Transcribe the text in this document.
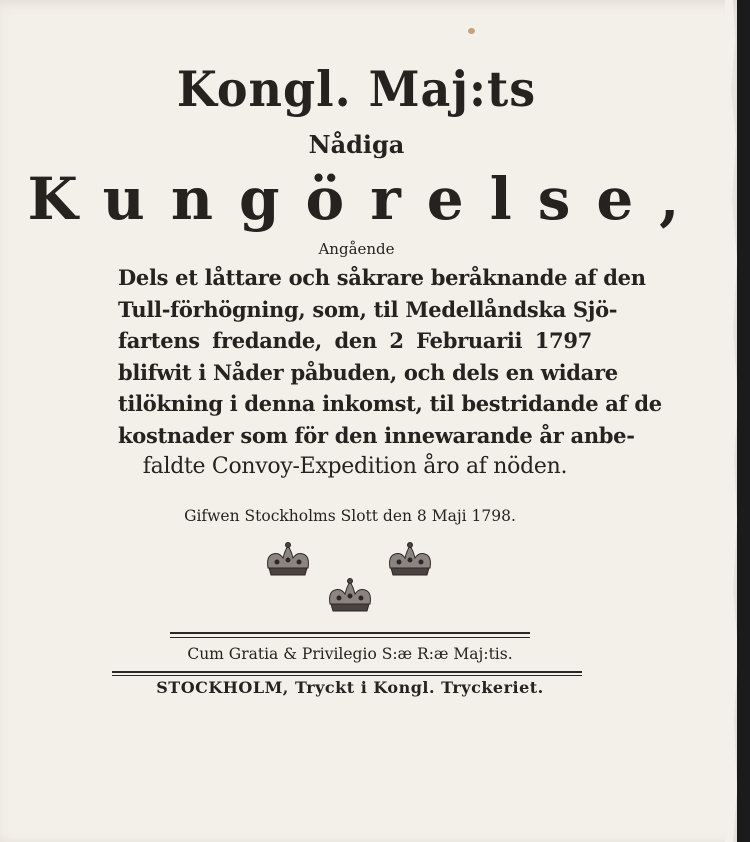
Kongl. Maj:ts
Nådiga
Kungörelse,
Angående
Dels et låttare och såkrare beråknande af den
Tull-förhögning, som, til Medellåndska Sjö-
fartens fredande, den 2 Februarii 1797
blifwit i Nåder påbuden, och dels en widare
tilökning i denna inkomst, til bestridande af de
kostnader som för den innewarande år anbe-
faldte Convoy-Expedition åro af nöden.
Gifwen Stockholms Slott den 8 Maji 1798.
Cum Gratia & Privilegio S:æ R:æ Maj:tis.
STOCKHOLM, Tryckt i Kongl. Tryckeriet.
